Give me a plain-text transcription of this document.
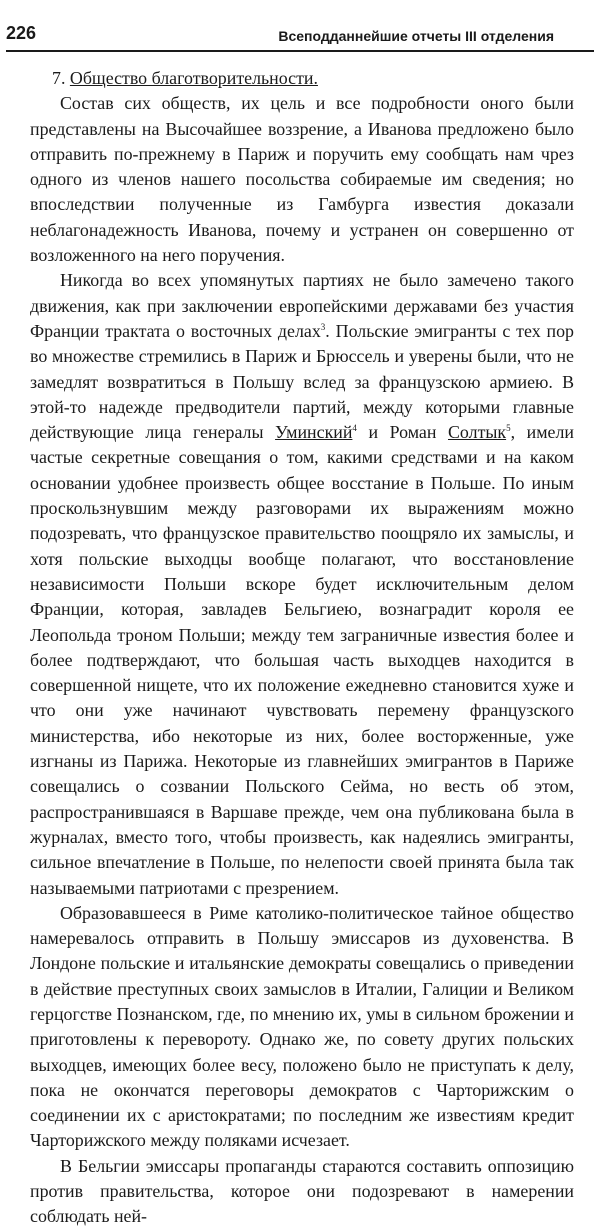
226	Всеподданнейшие отчеты III отделения

7. Общество благотворительности.

Состав сих обществ, их цель и все подробности оного были представлены на Высочайшее воззрение, а Иванова предложено было отправить по-прежнему в Париж и поручить ему сообщать нам чрез одного из членов нашего посольства собираемые им сведения; но впоследствии полученные из Гамбурга известия доказали неблагонадежность Иванова, почему и устранен он совершенно от возложенного на него поручения.

Никогда во всех упомянутых партиях не было замечено такого движения, как при заключении европейскими державами без участия Франции трактата о восточных делах$^3$. Польские эмигранты с тех пор во множестве стремились в Париж и Брюссель и уверены были, что не замедлят возвратиться в Польшу вслед за французскою армиею. В этой-то надежде предводители партий, между которыми главные действующие лица генералы Уминский$^4$ и Роман Солтык$^5$, имели частые секретные совещания о том, какими средствами и на каком основании удобнее произвесть общее восстание в Польше. По иным проскользнувшим между разговорами их выражениям можно подозревать, что французское правительство поощряло их замыслы, и хотя польские выходцы вообще полагают, что восстановление независимости Польши вскоре будет исключительным делом Франции, которая, завладев Бельгиею, вознаградит короля ее Леопольда троном Польши; между тем заграничные известия более и более подтверждают, что большая часть выходцев находится в совершенной нищете, что их положение ежедневно становится хуже и что они уже начинают чувствовать перемену французского министерства, ибо некоторые из них, более восторженные, уже изгнаны из Парижа. Некоторые из главнейших эмигрантов в Париже совещались о созвании Польского Сейма, но весть об этом, распространившаяся в Варшаве прежде, чем она публикована была в журналах, вместо того, чтобы произвесть, как надеялись эмигранты, сильное впечатление в Польше, по нелепости своей принята была так называемыми патриотами с презрением.

Образовавшееся в Риме католико-политическое тайное общество намеревалось отправить в Польшу эмиссаров из духовенства. В Лондоне польские и итальянские демократы совещались о приведении в действие преступных своих замыслов в Италии, Галиции и Великом герцогстве Познанском, где, по мнению их, умы в сильном брожении и приготовлены к перевороту. Однако же, по совету других польских выходцев, имеющих более весу, положено было не приступать к делу, пока не окончатся переговоры демократов с Чарторижским о соединении их с аристократами; по последним же известиям кредит Чарторижского между поляками исчезает.

В Бельгии эмиссары пропаганды стараются составить оппозицию против правительства, которое они подозревают в намерении соблюдать ней-
